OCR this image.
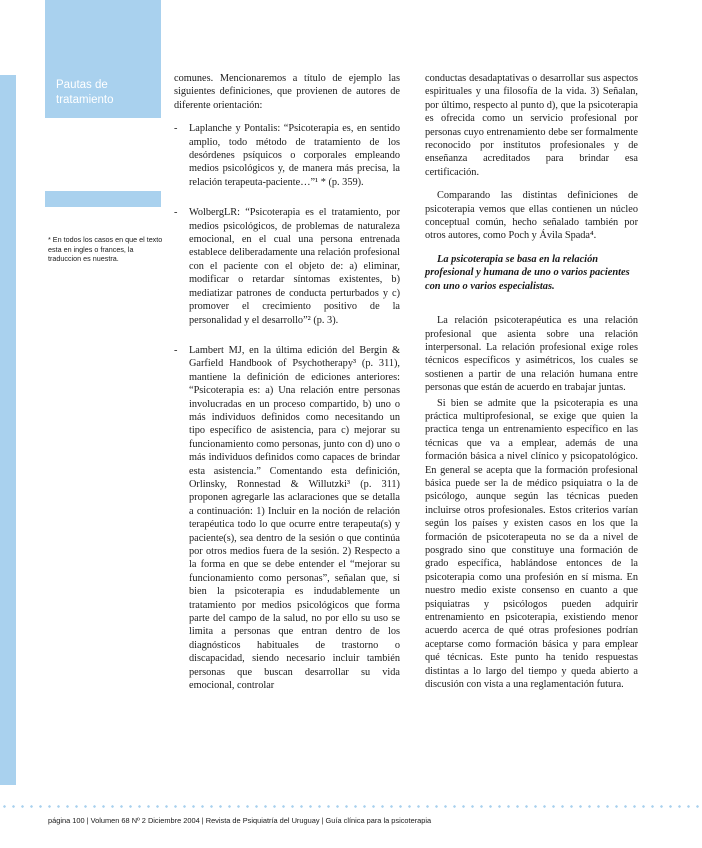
Pautas de tratamiento
* En todos los casos en que el texto esta en ingles o frances, la traduccion es nuestra.

comunes. Mencionaremos a título de ejemplo las siguientes definiciones, que provienen de autores de diferente orientación:

- Laplanche y Pontalis: “Psicoterapia es, en sentido amplio, todo método de tratamiento de los desórdenes psíquicos o corporales empleando medios psicológicos y, de manera más precisa, la relación terapeuta-paciente…”¹ * (p. 359).
- WolbergLR: “Psicoterapia es el tratamiento, por medios psicológicos, de problemas de naturaleza emocional, en el cual una persona entrenada establece deliberadamente una relación profesional con el paciente con el objeto de: a) eliminar, modificar o retardar síntomas existentes, b) mediatizar patrones de conducta perturbados y c) promover el crecimiento positivo de la personalidad y el desarrollo”² (p. 3).
- Lambert MJ, en la última edición del Bergin & Garfield Handbook of Psychotherapy³ (p. 311), mantiene la definición de ediciones anteriores: “Psicoterapia es: a) Una relación entre personas involucradas en un proceso compartido, b) uno o más individuos definidos como necesitando un tipo específico de asistencia, para c) mejorar su funcionamiento como personas, junto con d) uno o más individuos definidos como capaces de brindar esta asistencia.” Comentando esta definición, Orlinsky, Ronnestad & Willutzki³ (p. 311) proponen agregarle las aclaraciones que se detalla a continuación: 1) Incluir en la noción de relación terapéutica todo lo que ocurre entre terapeuta(s) y paciente(s), sea dentro de la sesión o que continúa por otros medios fuera de la sesión. 2) Respecto a la forma en que se debe entender el “mejorar su funcionamiento como personas”, señalan que, si bien la psicoterapia es indudablemente un tratamiento por medios psicológicos que forma parte del campo de la salud, no por ello su uso se limita a personas que entran dentro de los diagnósticos habituales de trastorno o discapacidad, siendo necesario incluir también personas que buscan desarrollar su vida emocional, controlar

conductas desadaptativas o desarrollar sus aspectos espirituales y una filosofía de la vida. 3) Señalan, por último, respecto al punto d), que la psicoterapia es ofrecida como un servicio profesional por personas cuyo entrenamiento debe ser formalmente reconocido por institutos profesionales y de enseñanza acreditados para brindar esa certificación.

Comparando las distintas definiciones de psicoterapia vemos que ellas contienen un núcleo conceptual común, hecho señalado también por otros autores, como Poch y Ávila Spada⁴.

La psicoterapia se basa en la relación profesional y humana de uno o varios pacientes con uno o varios especialistas.

La relación psicoterapéutica es una relación profesional que asienta sobre una relación interpersonal. La relación profesional exige roles técnicos específicos y asimétricos, los cuales se sostienen a partir de una relación humana entre personas que están de acuerdo en trabajar juntas.

Si bien se admite que la psicoterapia es una práctica multiprofesional, se exige que quien la practica tenga un entrenamiento específico en las técnicas que va a emplear, además de una formación básica a nivel clínico y psicopatológico. En general se acepta que la formación profesional básica puede ser la de médico psiquiatra o la de psicólogo, aunque según las técnicas pueden incluirse otros profesionales. Estos criterios varían según los países y existen casos en los que la formación de psicoterapeuta no se da a nivel de posgrado sino que constituye una formación de grado específica, hablándose entonces de la psicoterapia como una profesión en sí misma. En nuestro medio existe consenso en cuanto a que psiquiatras y psicólogos pueden adquirir entrenamiento en psicoterapia, existiendo menor acuerdo acerca de qué otras profesiones podrían aceptarse como formación básica y para emplear qué técnicas. Este punto ha tenido respuestas distintas a lo largo del tiempo y queda abierto a discusión con vista a una reglamentación futura.

página 100 | Volumen 68 Nº 2 Diciembre 2004 | Revista de Psiquiatría del Uruguay | Guía clínica para la psicoterapia
